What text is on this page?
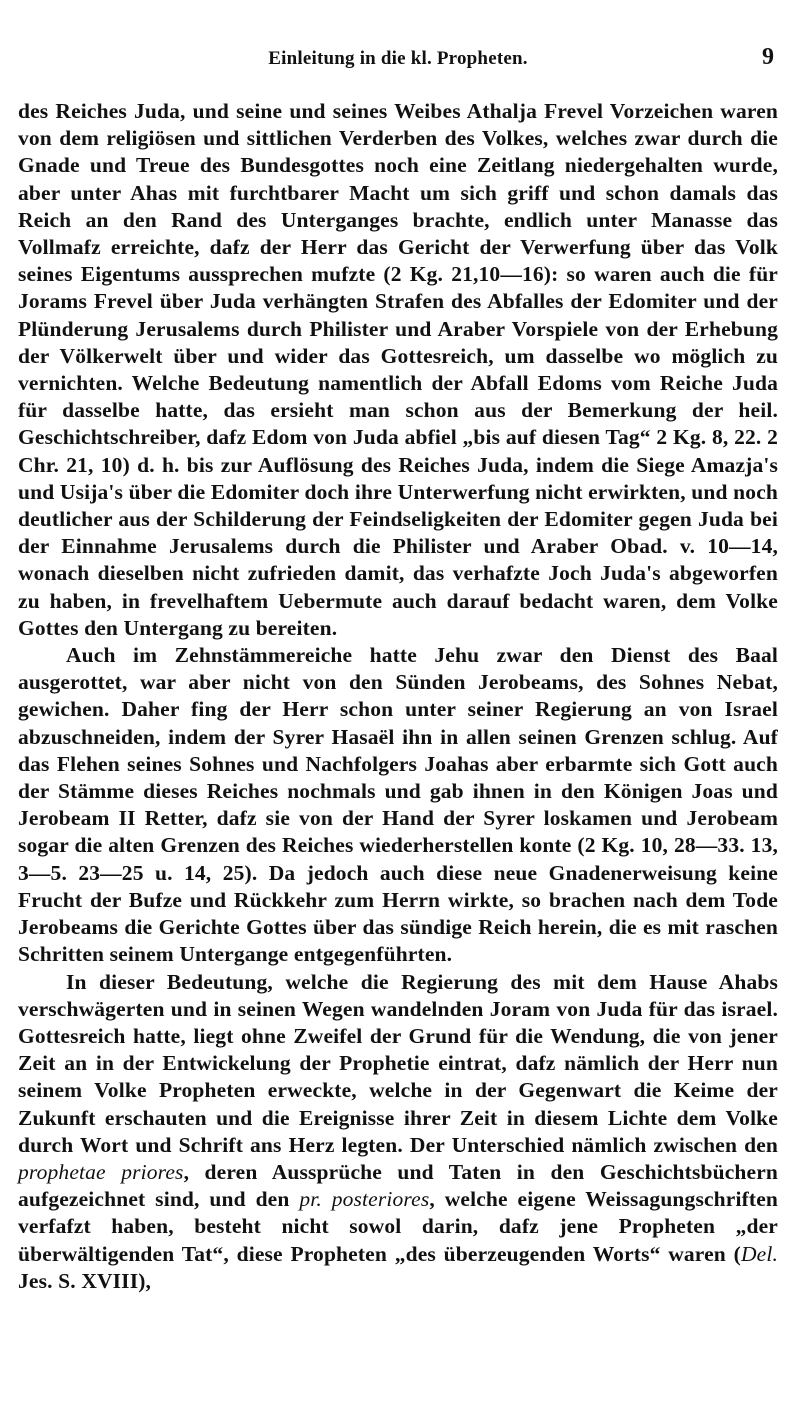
Einleitung in die kl. Propheten.	9

des Reiches Juda, und seine und seines Weibes Athalja Frevel Vorzeichen waren von dem religiösen und sittlichen Verderben des Volkes, welches zwar durch die Gnade und Treue des Bundesgottes noch eine Zeitlang niedergehalten wurde, aber unter Ahas mit furchtbarer Macht um sich griff und schon damals das Reich an den Rand des Unterganges brachte, endlich unter Manasse das Vollmafz erreichte, dafz der Herr das Gericht der Verwerfung über das Volk seines Eigentums aussprechen mufzte (2 Kg. 21,10—16): so waren auch die für Jorams Frevel über Juda verhängten Strafen des Abfalles der Edomiter und der Plünderung Jerusalems durch Philister und Araber Vorspiele von der Erhebung der Völkerwelt über und wider das Gottesreich, um dasselbe wo möglich zu vernichten. Welche Bedeutung namentlich der Abfall Edoms vom Reiche Juda für dasselbe hatte, das ersieht man schon aus der Bemerkung der heil. Geschichtschreiber, dafz Edom von Juda abfiel „bis auf diesen Tag“ 2 Kg. 8, 22. 2 Chr. 21, 10) d. h. bis zur Auflösung des Reiches Juda, indem die Siege Amazja's und Usija's über die Edomiter doch ihre Unterwerfung nicht erwirkten, und noch deutlicher aus der Schilderung der Feindseligkeiten der Edomiter gegen Juda bei der Einnahme Jerusalems durch die Philister und Araber Obad. v. 10—14, wonach dieselben nicht zufrieden damit, das verhafzte Joch Juda's abgeworfen zu haben, in frevelhaftem Uebermute auch darauf bedacht waren, dem Volke Gottes den Untergang zu bereiten.

Auch im Zehnstämmereiche hatte Jehu zwar den Dienst des Baal ausgerottet, war aber nicht von den Sünden Jerobeams, des Sohnes Nebat, gewichen. Daher fing der Herr schon unter seiner Regierung an von Israel abzuschneiden, indem der Syrer Hasaël ihn in allen seinen Grenzen schlug. Auf das Flehen seines Sohnes und Nachfolgers Joahas aber erbarmte sich Gott auch der Stämme dieses Reiches nochmals und gab ihnen in den Königen Joas und Jerobeam II Retter, dafz sie von der Hand der Syrer loskamen und Jerobeam sogar die alten Grenzen des Reiches wiederherstellen konte (2 Kg. 10, 28—33. 13, 3—5. 23—25 u. 14, 25). Da jedoch auch diese neue Gnadenerweisung keine Frucht der Bufze und Rückkehr zum Herrn wirkte, so brachen nach dem Tode Jerobeams die Gerichte Gottes über das sündige Reich herein, die es mit raschen Schritten seinem Untergange entgegenführten.

In dieser Bedeutung, welche die Regierung des mit dem Hause Ahabs verschwägerten und in seinen Wegen wandelnden Joram von Juda für das israel. Gottesreich hatte, liegt ohne Zweifel der Grund für die Wendung, die von jener Zeit an in der Entwickelung der Prophetie eintrat, dafz nämlich der Herr nun seinem Volke Propheten erweckte, welche in der Gegenwart die Keime der Zukunft erschauten und die Ereignisse ihrer Zeit in diesem Lichte dem Volke durch Wort und Schrift ans Herz legten. Der Unterschied nämlich zwischen den prophetae priores, deren Aussprüche und Taten in den Geschichtsbüchern aufgezeichnet sind, und den pr. posteriores, welche eigene Weissagungschriften verfafzt haben, besteht nicht sowol darin, dafz jene Propheten „der überwältigenden Tat“, diese Propheten „des überzeugenden Worts“ waren (Del. Jes. S. XVIII),
